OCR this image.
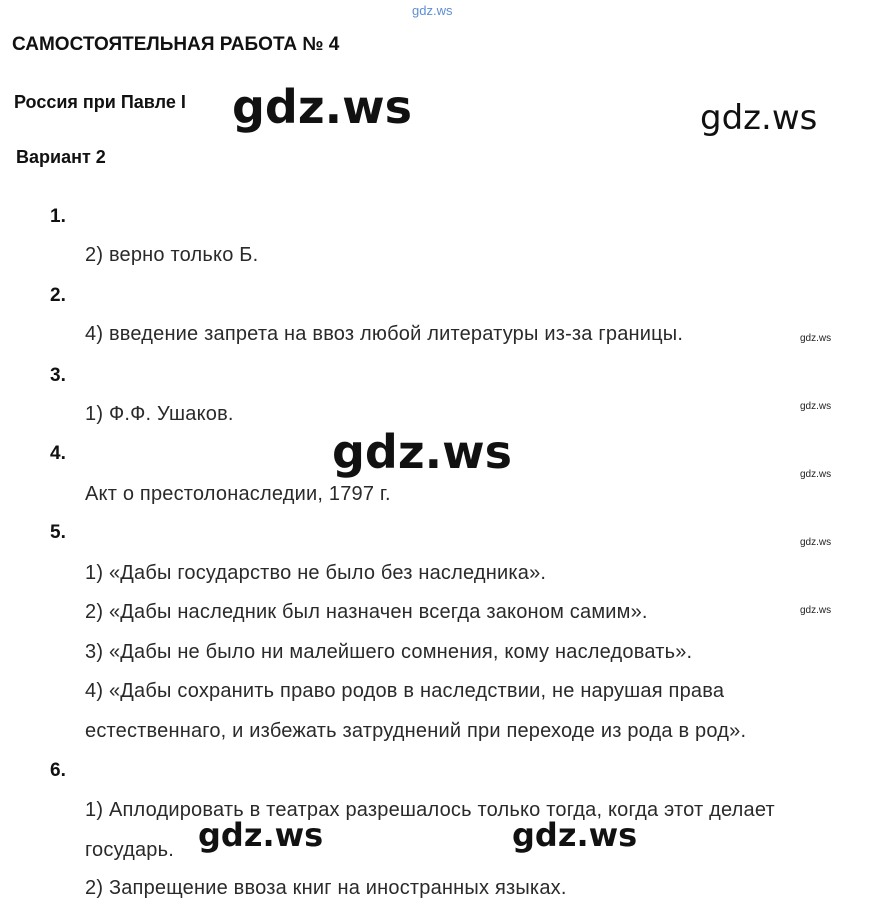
gdz.ws
САМОСТОЯТЕЛЬНАЯ РАБОТА № 4
Россия при Павле I
Вариант 2
1.
2) верно только Б.
2.
4) введение запрета на ввоз любой литературы из-за границы.
3.
1) Ф.Ф. Ушаков.
4.
Акт о престолонаследии, 1797 г.
5.
1) «Дабы государство не было без наследника».
2) «Дабы наследник был назначен всегда законом самим».
3) «Дабы не было ни малейшего сомнения, кому наследовать».
4) «Дабы сохранить право родов в наследствии, не нарушая права
естественнаго, и избежать затруднений при переходе из рода в род».
6.
1) Аплодировать в театрах разрешалось только тогда, когда этот делает
государь.
2) Запрещение ввоза книг на иностранных языках.
gdz.ws	gdz.ws
gdz.ws
gdz.ws	gdz.ws
gdz.ws
gdz.ws
gdz.ws
gdz.ws
gdz.ws
